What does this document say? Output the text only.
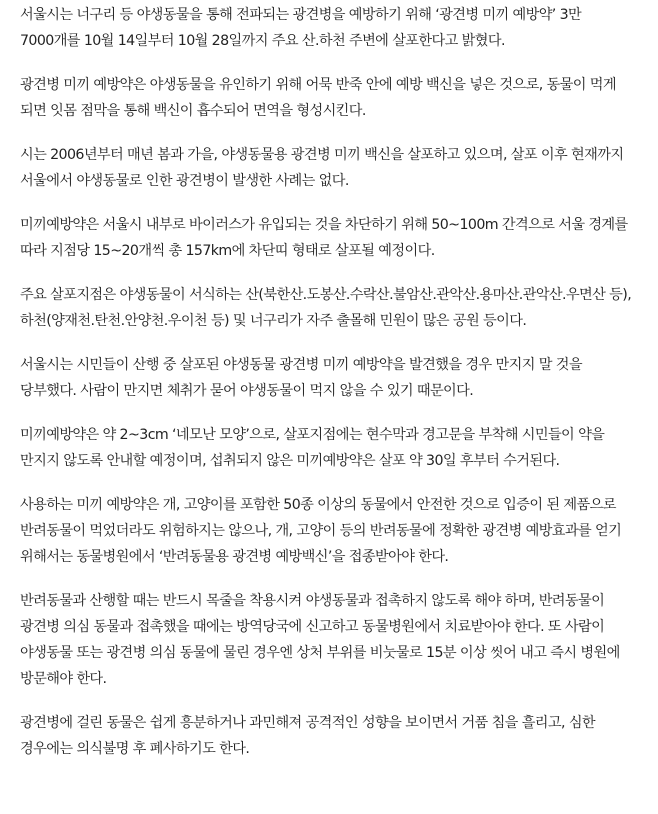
서울시는 너구리 등 야생동물을 통해 전파되는 광견병을 예방하기 위해 ‘광견병 미끼 예방약’ 3만 7000개를 10월 14일부터 10월 28일까지 주요 산.하천 주변에 살포한다고 밝혔다.

광견병 미끼 예방약은 야생동물을 유인하기 위해 어묵 반죽 안에 예방 백신을 넣은 것으로, 동물이 먹게 되면 잇몸 점막을 통해 백신이 흡수되어 면역을 형성시킨다.

시는 2006년부터 매년 봄과 가을, 야생동물용 광견병 미끼 백신을 살포하고 있으며, 살포 이후 현재까지 서울에서 야생동물로 인한 광견병이 발생한 사례는 없다.

미끼예방약은 서울시 내부로 바이러스가 유입되는 것을 차단하기 위해 50~100m 간격으로 서울 경계를 따라 지점당 15~20개씩 총 157km에 차단띠 형태로 살포될 예정이다.

주요 살포지점은 야생동물이 서식하는 산(북한산.도봉산.수락산.불암산.관악산.용마산.관악산.우면산 등), 하천(양재천.탄천.안양천.우이천 등) 및 너구리가 자주 출몰해 민원이 많은 공원 등이다.

서울시는 시민들이 산행 중 살포된 야생동물 광견병 미끼 예방약을 발견했을 경우 만지지 말 것을 당부했다. 사람이 만지면 체취가 묻어 야생동물이 먹지 않을 수 있기 때문이다.

미끼예방약은 약 2~3cm ‘네모난 모양’으로, 살포지점에는 현수막과 경고문을 부착해 시민들이 약을 만지지 않도록 안내할 예정이며, 섭취되지 않은 미끼예방약은 살포 약 30일 후부터 수거된다.

사용하는 미끼 예방약은 개, 고양이를 포함한 50종 이상의 동물에서 안전한 것으로 입증이 된 제품으로 반려동물이 먹었더라도 위험하지는 않으나, 개, 고양이 등의 반려동물에 정확한 광견병 예방효과를 얻기 위해서는 동물병원에서 ‘반려동물용 광견병 예방백신’을 접종받아야 한다.

반려동물과 산행할 때는 반드시 목줄을 착용시켜 야생동물과 접촉하지 않도록 해야 하며, 반려동물이 광견병 의심 동물과 접촉했을 때에는 방역당국에 신고하고 동물병원에서 치료받아야 한다. 또 사람이 야생동물 또는 광견병 의심 동물에 물린 경우엔 상처 부위를 비눗물로 15분 이상 씻어 내고 즉시 병원에 방문해야 한다.

광견병에 걸린 동물은 쉽게 흥분하거나 과민해져 공격적인 성향을 보이면서 거품 침을 흘리고, 심한 경우에는 의식불명 후 폐사하기도 한다.
